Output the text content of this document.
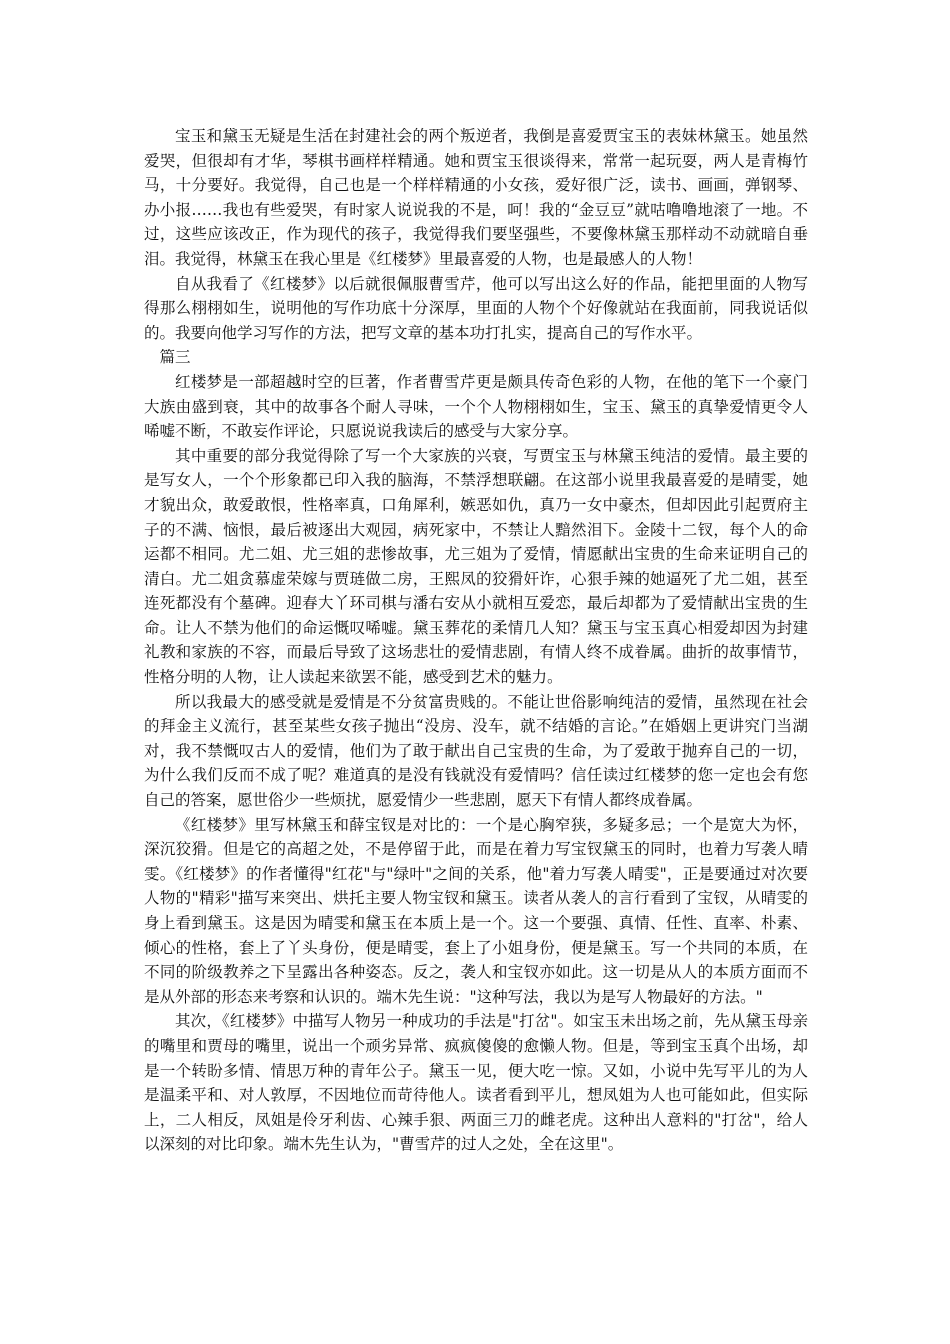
宝玉和黛玉无疑是生活在封建社会的两个叛逆者，我倒是喜爱贾宝玉的表妹林黛玉。她虽然爱哭，但很却有才华，琴棋书画样样精通。她和贾宝玉很谈得来，常常一起玩耍，两人是青梅竹马，十分要好。我觉得，自己也是一个样样精通的小女孩，爱好很广泛，读书、画画，弹钢琴、办小报……我也有些爱哭，有时家人说说我的不是，呵！我的“金豆豆”就咕噜噜地滚了一地。不过，这些应该改正，作为现代的孩子，我觉得我们要坚强些，不要像林黛玉那样动不动就暗自垂泪。我觉得，林黛玉在我心里是《红楼梦》里最喜爱的人物，也是最感人的人物！

自从我看了《红楼梦》以后就很佩服曹雪芹，他可以写出这么好的作品，能把里面的人物写得那么栩栩如生，说明他的写作功底十分深厚，里面的人物个个好像就站在我面前，同我说话似的。我要向他学习写作的方法，把写文章的基本功打扎实，提高自己的写作水平。

篇三

红楼梦是一部超越时空的巨著，作者曹雪芹更是颇具传奇色彩的人物，在他的笔下一个豪门大族由盛到衰，其中的故事各个耐人寻味，一个个人物栩栩如生，宝玉、黛玉的真挚爱情更令人唏嘘不断，不敢妄作评论，只愿说说我读后的感受与大家分享。

其中重要的部分我觉得除了写一个大家族的兴衰，写贾宝玉与林黛玉纯洁的爱情。最主要的是写女人，一个个形象都已印入我的脑海，不禁浮想联翩。在这部小说里我最喜爱的是晴雯，她才貌出众，敢爱敢恨，性格率真，口角犀利，嫉恶如仇，真乃一女中豪杰，但却因此引起贾府主子的不满、恼恨，最后被逐出大观园，病死家中，不禁让人黯然泪下。金陵十二钗，每个人的命运都不相同。尤二姐、尤三姐的悲惨故事，尤三姐为了爱情，情愿献出宝贵的生命来证明自己的清白。尤二姐贪慕虚荣嫁与贾琏做二房，王熙凤的狡猾奸诈，心狠手辣的她逼死了尤二姐，甚至连死都没有个墓碑。迎春大丫环司棋与潘右安从小就相互爱恋，最后却都为了爱情献出宝贵的生命。让人不禁为他们的命运慨叹唏嘘。黛玉葬花的柔情几人知？黛玉与宝玉真心相爱却因为封建礼教和家族的不容，而最后导致了这场悲壮的爱情悲剧，有情人终不成眷属。曲折的故事情节，性格分明的人物，让人读起来欲罢不能，感受到艺术的魅力。

所以我最大的感受就是爱情是不分贫富贵贱的。不能让世俗影响纯洁的爱情，虽然现在社会的拜金主义流行，甚至某些女孩子抛出“没房、没车，就不结婚的言论。”在婚姻上更讲究门当湖对，我不禁慨叹古人的爱情，他们为了敢于献出自己宝贵的生命，为了爱敢于抛弃自己的一切，为什么我们反而不成了呢？难道真的是没有钱就没有爱情吗？信任读过红楼梦的您一定也会有您自己的答案，愿世俗少一些烦扰，愿爱情少一些悲剧，愿天下有情人都终成眷属。

《红楼梦》里写林黛玉和薛宝钗是对比的：一个是心胸窄狭，多疑多忌；一个是宽大为怀，深沉狡猾。但是它的高超之处，不是停留于此，而是在着力写宝钗黛玉的同时，也着力写袭人晴雯。《红楼梦》的作者懂得"红花"与"绿叶"之间的关系，他"着力写袭人晴雯"，正是要通过对次要人物的"精彩"描写来突出、烘托主要人物宝钗和黛玉。读者从袭人的言行看到了宝钗，从晴雯的身上看到黛玉。这是因为晴雯和黛玉在本质上是一个。这一个要强、真情、任性、直率、朴素、倾心的性格，套上了丫头身份，便是晴雯，套上了小姐身份，便是黛玉。写一个共同的本质，在不同的阶级教养之下呈露出各种姿态。反之，袭人和宝钗亦如此。这一切是从人的本质方面而不是从外部的形态来考察和认识的。端木先生说："这种写法，我以为是写人物最好的方法。"

其次，《红楼梦》中描写人物另一种成功的手法是"打岔"。如宝玉未出场之前，先从黛玉母亲的嘴里和贾母的嘴里，说出一个顽劣异常、疯疯傻傻的愈懒人物。但是，等到宝玉真个出场，却是一个转盼多情、情思万种的青年公子。黛玉一见，便大吃一惊。又如，小说中先写平儿的为人是温柔平和、对人敦厚，不因地位而苛待他人。读者看到平儿，想凤姐为人也可能如此，但实际上，二人相反，凤姐是伶牙利齿、心辣手狠、两面三刀的雌老虎。这种出人意料的"打岔"，给人以深刻的对比印象。端木先生认为，"曹雪芹的过人之处，全在这里"。
